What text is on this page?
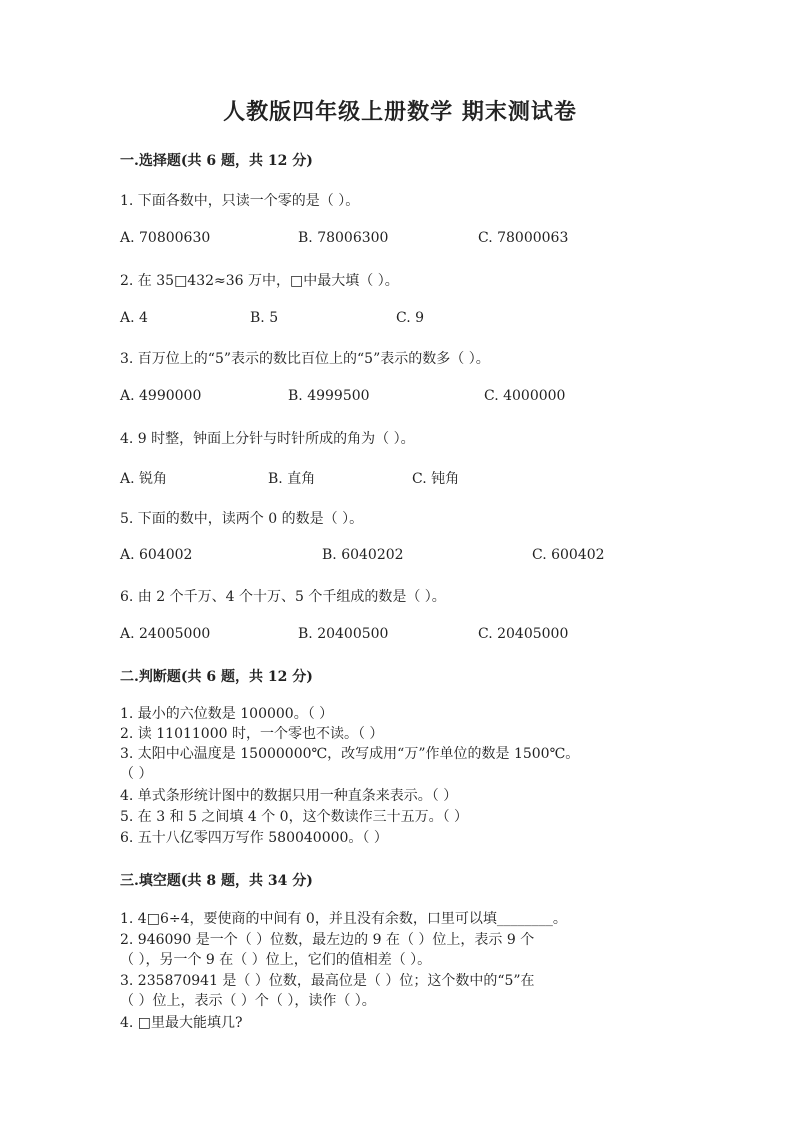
人教版四年级上册数学 期末测试卷
一.选择题(共 6 题，共 12 分)
1. 下面各数中，只读一个零的是（ ）。
A. 70800630	B. 78006300	C. 78000063
2. 在 35□432≈36 万中，□中最大填（ ）。
A. 4	B. 5	C. 9
3. 百万位上的“5”表示的数比百位上的“5”表示的数多（ ）。
A. 4990000	B. 4999500	C. 4000000
4. 9 时整，钟面上分针与时针所成的角为（ ）。
A. 锐角	B. 直角	C. 钝角
5. 下面的数中，读两个 0 的数是（ ）。
A. 604002	B. 6040202	C. 600402
6. 由 2 个千万、4 个十万、5 个千组成的数是（ ）。
A. 24005000	B. 20400500	C. 20405000
二.判断题(共 6 题，共 12 分)
1. 最小的六位数是 100000。（ ）
2. 读 11011000 时，一个零也不读。（ ）
3. 太阳中心温度是 15000000℃，改写成用“万”作单位的数是 1500℃。
（ ）
4. 单式条形统计图中的数据只用一种直条来表示。（ ）
5. 在 3 和 5 之间填 4 个 0，这个数读作三十五万。（ ）
6. 五十八亿零四万写作 580040000。（ ）
三.填空题(共 8 题，共 34 分)
1. 4□6÷4，要使商的中间有 0，并且没有余数，口里可以填________。
2. 946090 是一个（ ）位数，最左边的 9 在（ ）位上，表示 9 个
（ ），另一个 9 在（ ）位上，它们的值相差（ ）。
3. 235870941 是（ ）位数，最高位是（ ）位；这个数中的“5”在
（ ）位上，表示（ ）个（ ），读作（ ）。
4. □里最大能填几?
